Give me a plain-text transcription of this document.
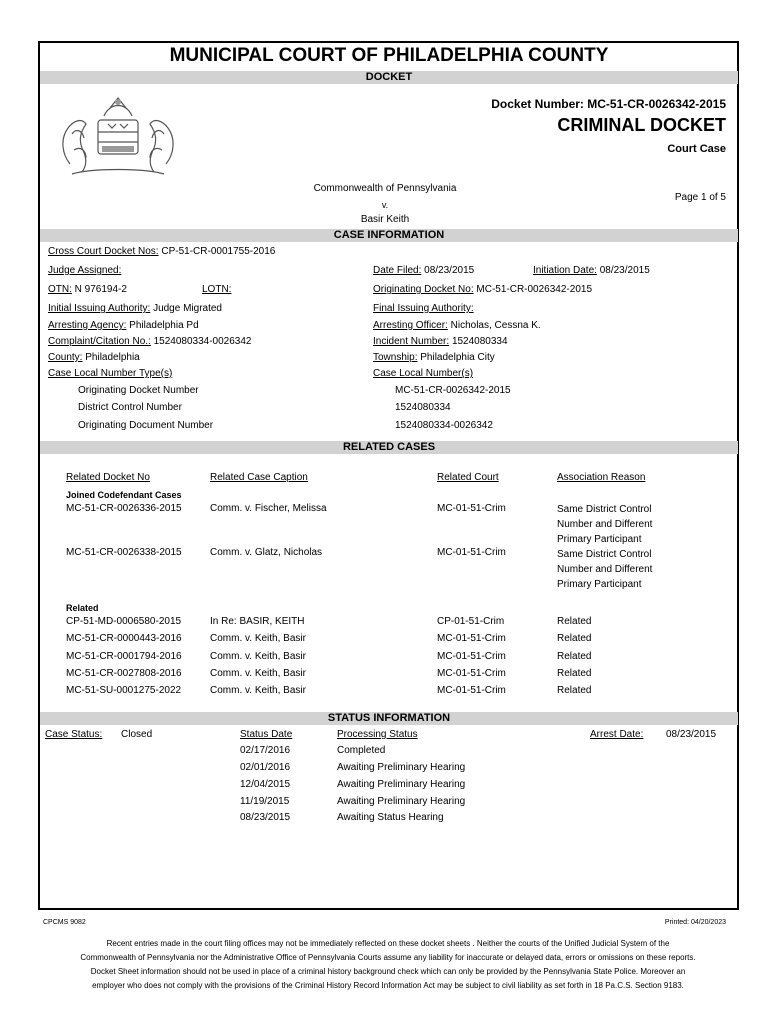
MUNICIPAL COURT OF PHILADELPHIA COUNTY
DOCKET
Docket Number: MC-51-CR-0026342-2015
CRIMINAL DOCKET
Court Case
Commonwealth of Pennsylvania
v.
Basir Keith
Page 1 of 5
CASE INFORMATION
Cross Court Docket Nos: CP-51-CR-0001755-2016
Judge Assigned:	Date Filed: 08/23/2015	Initiation Date: 08/23/2015
OTN: N 976194-2	LOTN:	Originating Docket No: MC-51-CR-0026342-2015
Initial Issuing Authority: Judge Migrated	Final Issuing Authority:
Arresting Agency: Philadelphia Pd	Arresting Officer: Nicholas, Cessna K.
Complaint/Citation No.: 1524080334-0026342	Incident Number: 1524080334
County: Philadelphia	Township: Philadelphia City
Case Local Number Type(s)	Case Local Number(s)
Originating Docket Number	MC-51-CR-0026342-2015
District Control Number	1524080334
Originating Document Number	1524080334-0026342
RELATED CASES
Related Docket No	Related Case Caption	Related Court	Association Reason
Joined Codefendant Cases
MC-51-CR-0026336-2015	Comm. v. Fischer, Melissa	MC-01-51-Crim	Same District Control
Number and Different
Primary Participant
MC-51-CR-0026338-2015	Comm. v. Glatz, Nicholas	MC-01-51-Crim	Same District Control
Number and Different
Primary Participant
Related
CP-51-MD-0006580-2015	In Re: BASIR, KEITH	CP-01-51-Crim	Related
MC-51-CR-0000443-2016	Comm. v. Keith, Basir	MC-01-51-Crim	Related
MC-51-CR-0001794-2016	Comm. v. Keith, Basir	MC-01-51-Crim	Related
MC-51-CR-0027808-2016	Comm. v. Keith, Basir	MC-01-51-Crim	Related
MC-51-SU-0001275-2022	Comm. v. Keith, Basir	MC-01-51-Crim	Related
STATUS INFORMATION
Case Status: Closed	Status Date	Processing Status	Arrest Date: 08/23/2015
02/17/2016	Completed
02/01/2016	Awaiting Preliminary Hearing
12/04/2015	Awaiting Preliminary Hearing
11/19/2015	Awaiting Preliminary Hearing
08/23/2015	Awaiting Status Hearing
CPCMS 9082	Printed: 04/20/2023
Recent entries made in the court filing offices may not be immediately reflected on these docket sheets . Neither the courts of the Unified Judicial System of the Commonwealth of Pennsylvania nor the Administrative Office of Pennsylvania Courts assume any liability for inaccurate or delayed data, errors or omissions on these reports. Docket Sheet information should not be used in place of a criminal history background check which can only be provided by the Pennsylvania State Police. Moreover an employer who does not comply with the provisions of the Criminal History Record Information Act may be subject to civil liability as set forth in 18 Pa.C.S. Section 9183.
